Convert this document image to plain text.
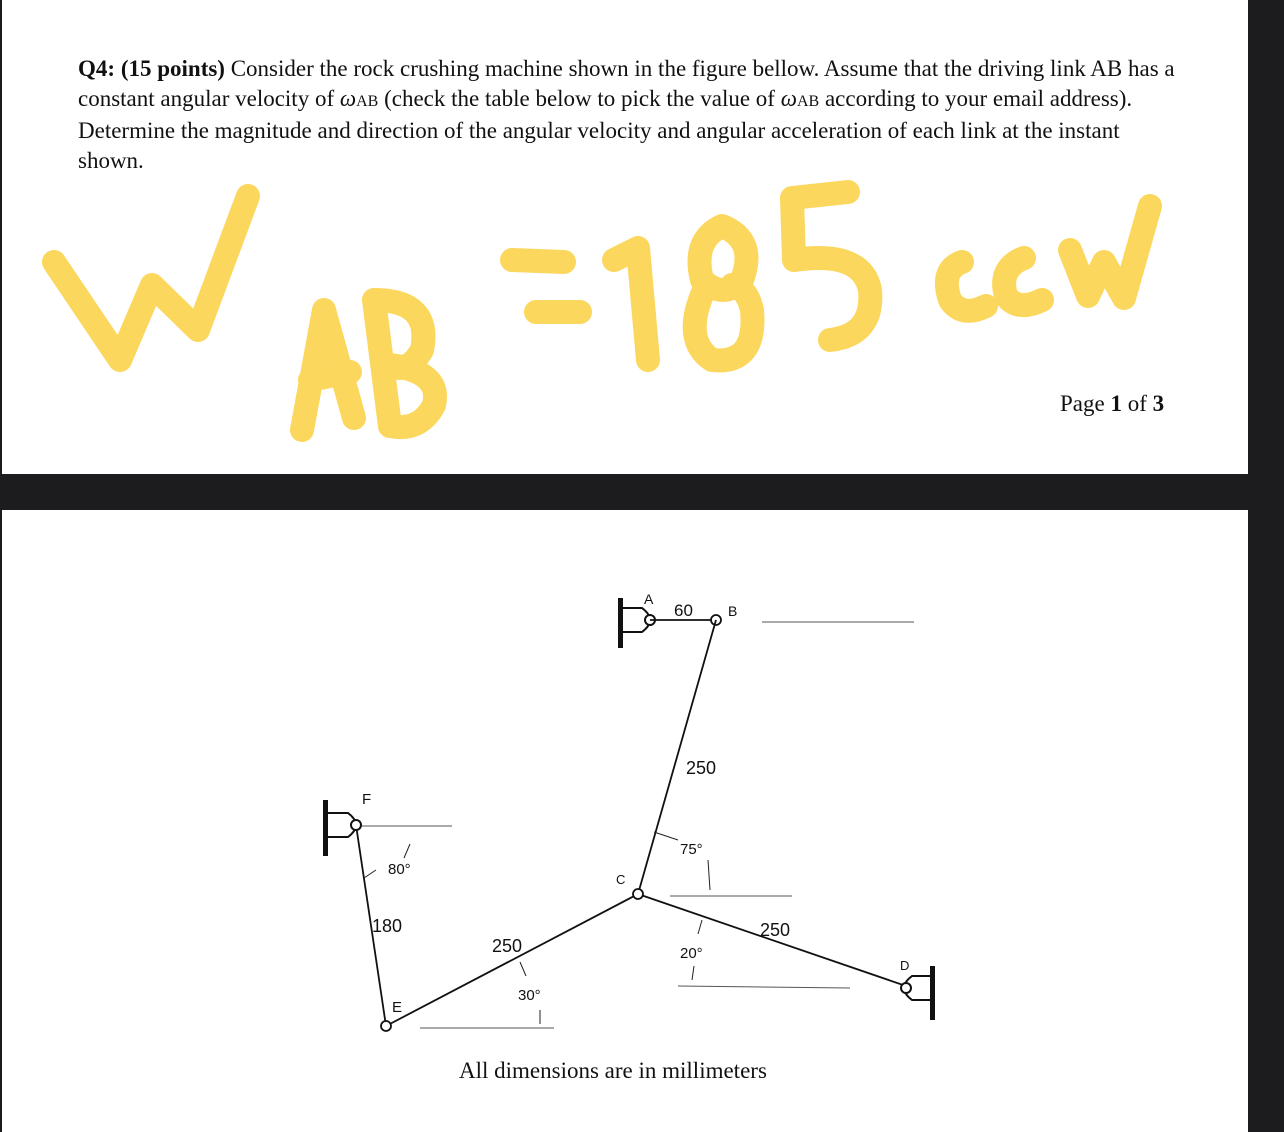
Q4: (15 points) Consider the rock crushing machine shown in the figure bellow. Assume that the driving link AB has a constant angular velocity of ωAB (check the table below to pick the value of ωAB according to your email address). Determine the magnitude and direction of the angular velocity and angular acceleration of each link at the instant shown.

Page 1 of 3
A
B
C
D
E
F
60
250
250
250
180
75°
20°
30°
80°
All dimensions are in millimeters
